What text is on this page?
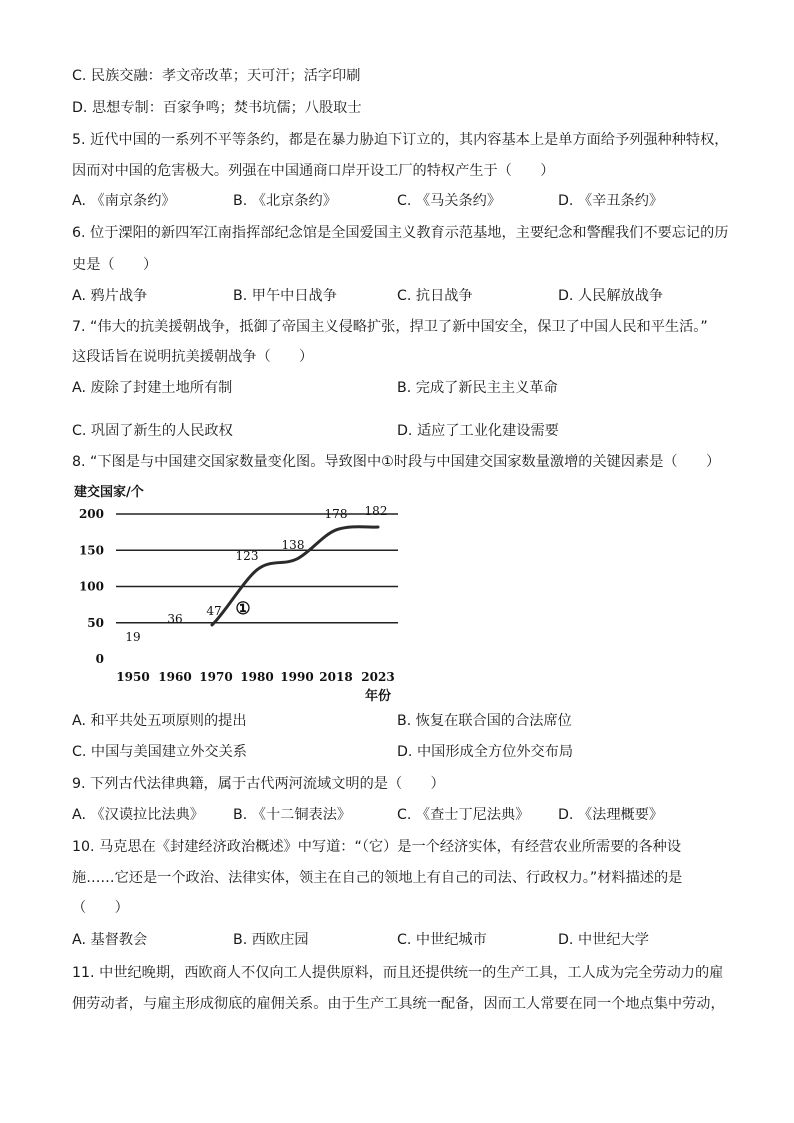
C. 民族交融：孝文帝改革；天可汗；活字印刷
D. 思想专制：百家争鸣；焚书坑儒；八股取士
5. 近代中国的一系列不平等条约，都是在暴力胁迫下订立的，其内容基本上是单方面给予列强种种特权，
因而对中国的危害极大。列强在中国通商口岸开设工厂的特权产生于（　　）
A. 《南京条约》	B. 《北京条约》	C. 《马关条约》	D. 《辛丑条约》
6. 位于溧阳的新四军江南指挥部纪念馆是全国爱国主义教育示范基地，主要纪念和警醒我们不要忘记的历
史是（　　）
A. 鸦片战争	B. 甲午中日战争	C. 抗日战争	D. 人民解放战争
7. “伟大的抗美援朝战争，抵御了帝国主义侵略扩张，捍卫了新中国安全，保卫了中国人民和平生活。”
这段话旨在说明抗美援朝战争（　　）
A. 废除了封建土地所有制	B. 完成了新民主主义革命
C. 巩固了新生的人民政权	D. 适应了工业化建设需要
8. “下图是与中国建交国家数量变化图。导致图中①时段与中国建交国家数量激增的关键因素是（　　）
建交国家/个
0
50
100
150
200
1950 1960 1970 1980 1990 2018 2023
19
36
47
123
138
178 182
①
年份
A. 和平共处五项原则的提出	B. 恢复在联合国的合法席位
C. 中国与美国建立外交关系	D. 中国形成全方位外交布局
9. 下列古代法律典籍，属于古代两河流域文明的是（　　）
A. 《汉谟拉比法典》 B. 《十二铜表法》	C. 《查士丁尼法典》 D. 《法理概要》
10. 马克思在《封建经济政治概述》中写道：“（它）是一个经济实体，有经营农业所需要的各种设
施……它还是一个政治、法律实体，领主在自己的领地上有自己的司法、行政权力。”材料描述的是
（　　）
A. 基督教会	B. 西欧庄园	C. 中世纪城市	D. 中世纪大学
11. 中世纪晚期，西欧商人不仅向工人提供原料，而且还提供统一的生产工具，工人成为完全劳动力的雇
佣劳动者，与雇主形成彻底的雇佣关系。由于生产工具统一配备，因而工人常要在同一个地点集中劳动，
